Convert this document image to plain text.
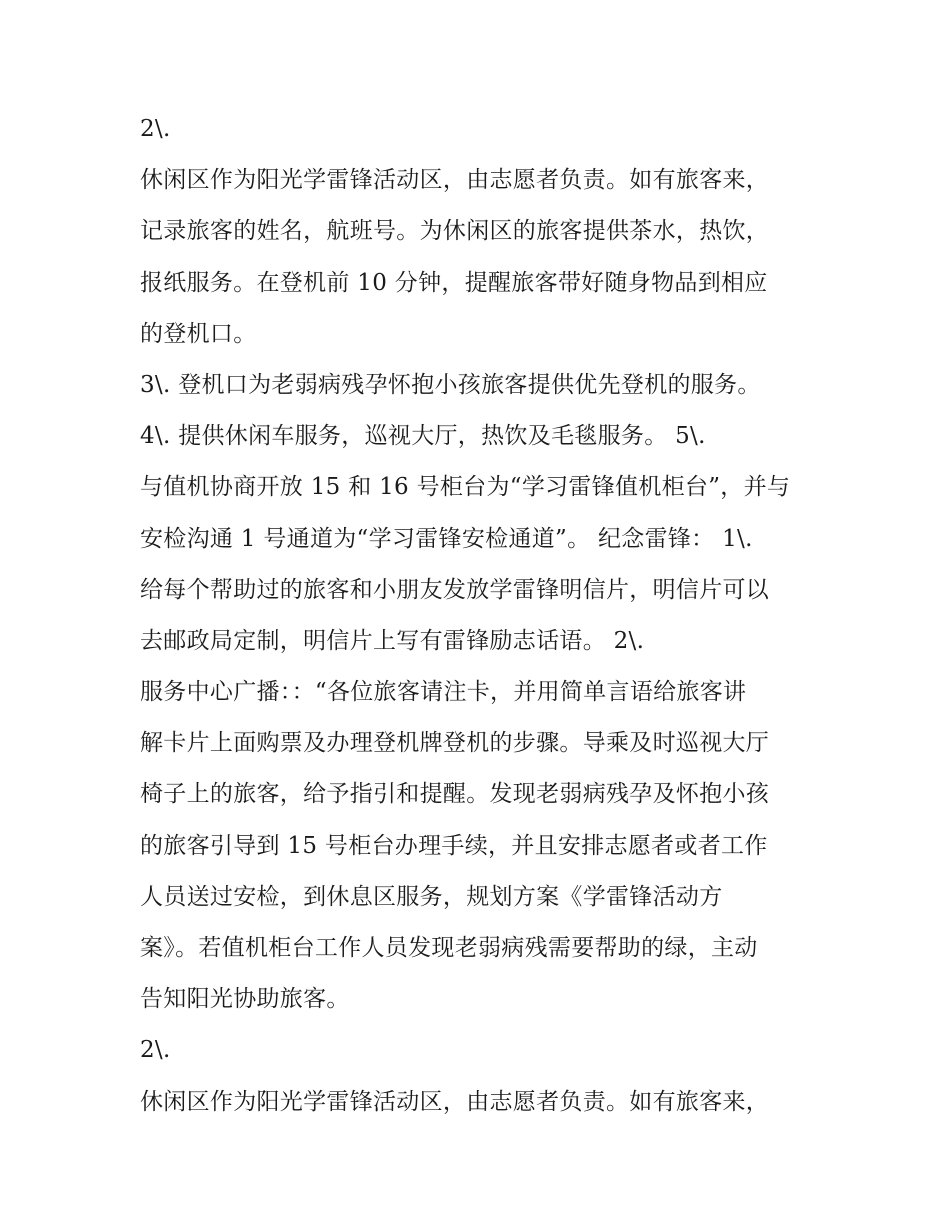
2\.
休闲区作为阳光学雷锋活动区，由志愿者负责。如有旅客来，
记录旅客的姓名，航班号。为休闲区的旅客提供茶水，热饮，
报纸服务。在登机前 10 分钟，提醒旅客带好随身物品到相应
的登机口。
3\. 登机口为老弱病残孕怀抱小孩旅客提供优先登机的服务。
4\. 提供休闲车服务，巡视大厅，热饮及毛毯服务。 5\.
与值机协商开放 15 和 16 号柜台为“学习雷锋值机柜台”，并与
安检沟通 1 号通道为“学习雷锋安检通道”。 纪念雷锋： 1\.
给每个帮助过的旅客和小朋友发放学雷锋明信片，明信片可以
去邮政局定制，明信片上写有雷锋励志话语。 2\.
服务中心广播：：“各位旅客请注卡，并用简单言语给旅客讲
解卡片上面购票及办理登机牌登机的步骤。导乘及时巡视大厅
椅子上的旅客，给予指引和提醒。发现老弱病残孕及怀抱小孩
的旅客引导到 15 号柜台办理手续，并且安排志愿者或者工作
人员送过安检，到休息区服务，规划方案《学雷锋活动方
案》。若值机柜台工作人员发现老弱病残需要帮助的绿，主动
告知阳光协助旅客。
2\.
休闲区作为阳光学雷锋活动区，由志愿者负责。如有旅客来，
